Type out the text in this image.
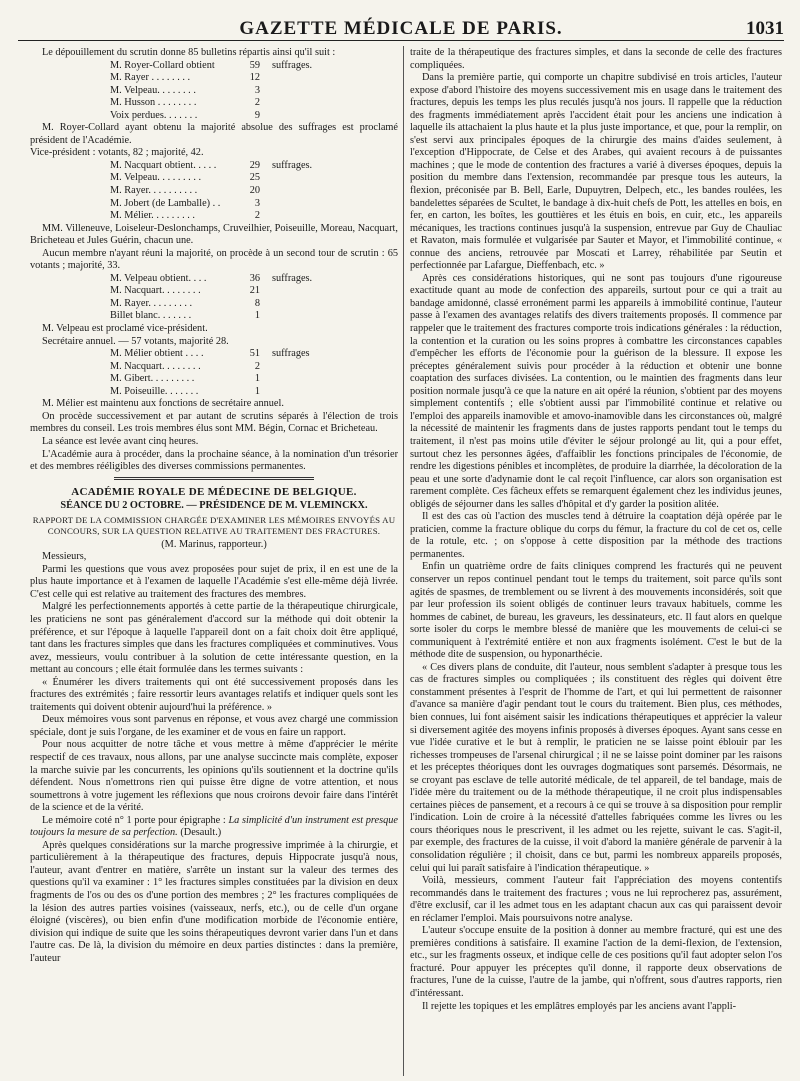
GAZETTE MÉDICALE DE PARIS.	1031

Le dépouillement du scrutin donne 85 bulletins répartis ainsi qu'il suit :

M. Royer-Collard obtient	59 suffrages.
M. Rayer . . . . . . . .	12
M. Velpeau. . . . . . . .	3
M. Husson . . . . . . . .	2
Voix perdues. . . . . . .	9

M. Royer-Collard ayant obtenu la majorité absolue des suffrages est proclamé président de l'Académie.

Vice-président : votants, 82 ; majorité, 42.

M. Nacquart obtient. . . . .	29 suffrages.
M. Velpeau. . . . . . . . .	25
M. Rayer. . . . . . . . . .	20
M. Jobert (de Lamballe) . .	3
M. Mélier. . . . . . . . .	2

MM. Villeneuve, Loiseleur-Deslonchamps, Cruveilhier, Poiseuille, Moreau, Nacquart, Bricheteau et Jules Guérin, chacun une.

Aucun membre n'ayant réuni la majorité, on procède à un second tour de scrutin : 65 votants ; majorité, 33.

M. Velpeau obtient. . . .	36 suffrages.
M. Nacquart. . . . . . . .	21
M. Rayer. . . . . . . . .	8
Billet blanc. . . . . . .	1

M. Velpeau est proclamé vice-président.

Secrétaire annuel. — 57 votants, majorité 28.

M. Mélier obtient . . . .	51 suffrages
M. Nacquart. . . . . . . .	2
M. Gibert. . . . . . . . .	1
M. Poiseuille. . . . . . .	1

M. Mélier est maintenu aux fonctions de secrétaire annuel.

On procède successivement et par autant de scrutins séparés à l'élection de trois membres du conseil. Les trois membres élus sont MM. Bégin, Cornac et Bricheteau.

La séance est levée avant cinq heures.

L'Académie aura à procéder, dans la prochaine séance, à la nomination d'un trésorier et des membres rééligibles des diverses commissions permanentes.

ACADÉMIE ROYALE DE MÉDECINE DE BELGIQUE.
SÉANCE DU 2 OCTOBRE. — PRÉSIDENCE DE M. VLEMINCKX.
RAPPORT DE LA COMMISSION CHARGÉE D'EXAMINER LES MÉMOIRES ENVOYÉS AU CONCOURS, SUR LA QUESTION RELATIVE AU TRAITEMENT DES FRACTURES.
(M. Marinus, rapporteur.)

Messieurs,

Parmi les questions que vous avez proposées pour sujet de prix, il en est une de la plus haute importance et à l'examen de laquelle l'Académie s'est elle-même déjà livrée. C'est celle qui est relative au traitement des fractures des membres.

Malgré les perfectionnements apportés à cette partie de la thérapeutique chirurgicale, les praticiens ne sont pas généralement d'accord sur la méthode qui doit obtenir la préférence, et sur l'époque à laquelle l'appareil dont on a fait choix doit être appliqué, tant dans les fractures simples que dans les fractures compliquées et comminutives. Vous avez, messieurs, voulu contribuer à la solution de cette intéressante question, en la mettant au concours ; elle était formulée dans les termes suivants :

« Énumérer les divers traitements qui ont été successivement proposés dans les fractures des extrémités ; faire ressortir leurs avantages relatifs et indiquer quels sont les traitements qui doivent obtenir aujourd'hui la préférence. »

Deux mémoires vous sont parvenus en réponse, et vous avez chargé une commission spéciale, dont je suis l'organe, de les examiner et de vous en faire un rapport.

Pour nous acquitter de notre tâche et vous mettre à même d'apprécier le mérite respectif de ces travaux, nous allons, par une analyse succincte mais complète, exposer la marche suivie par les concurrents, les opinions qu'ils soutiennent et la doctrine qu'ils défendent. Nous n'omettrons rien qui puisse être digne de votre attention, et nous soumettrons à votre jugement les réflexions que nous croirons devoir faire dans l'intérêt de la science et de la vérité.

Le mémoire coté n° 1 porte pour épigraphe : La simplicité d'un instrument est presque toujours la mesure de sa perfection. (Desault.)

Après quelques considérations sur la marche progressive imprimée à la chirurgie, et particulièrement à la thérapeutique des fractures, depuis Hippocrate jusqu'à nous, l'auteur, avant d'entrer en matière, s'arrête un instant sur la valeur des termes des questions qu'il va examiner : 1° les fractures simples constituées par la division en deux fragments de l'os ou des os d'une portion des membres ; 2° les fractures compliquées de la lésion des autres parties voisines (vaisseaux, nerfs, etc.), ou de celle d'un organe éloigné (viscères), ou bien enfin d'une modification morbide de l'économie entière, division qui indique de suite que les soins thérapeutiques devront varier dans l'un et dans l'autre cas. De là, la division du mémoire en deux parties distinctes : dans la première, l'auteur

traite de la thérapeutique des fractures simples, et dans la seconde de celle des fractures compliquées.

Dans la première partie, qui comporte un chapitre subdivisé en trois articles, l'auteur expose d'abord l'histoire des moyens successivement mis en usage dans le traitement des fractures, depuis les temps les plus reculés jusqu'à nos jours. Il rappelle que la réduction des fragments immédiatement après l'accident était pour les anciens une indication à laquelle ils attachaient la plus haute et la plus juste importance, et que, pour la remplir, on s'est servi aux principales époques de la chirurgie des mains d'aides seulement, à l'exception d'Hippocrate, de Celse et des Arabes, qui avaient recours à de puissantes machines ; que le mode de contention des fractures a varié à diverses époques, depuis la position du membre dans l'extension, recommandée par presque tous les auteurs, la flexion, préconisée par B. Bell, Earle, Dupuytren, Delpech, etc., les bandes roulées, les bandelettes séparées de Scultet, le bandage à dix-huit chefs de Pott, les attelles en bois, en fer, en carton, les boîtes, les gouttières et les étuis en bois, en cuir, etc., les appareils mécaniques, les tractions continues jusqu'à la suspension, entrevue par Guy de Chauliac et Ravaton, mais formulée et vulgarisée par Sauter et Mayor, et l'immobilité continue, « connue des anciens, retrouvée par Moscati et Larrey, réhabilitée par Seutin et perfectionnée par Lafargue, Dieffenbach, etc. »

Après ces considérations historiques, qui ne sont pas toujours d'une rigoureuse exactitude quant au mode de confection des appareils, surtout pour ce qui a trait au bandage amidonné, classé erronément parmi les appareils à immobilité continue, l'auteur passe à l'examen des avantages relatifs des divers traitements proposés. Il commence par rappeler que le traitement des fractures comporte trois indications générales : la réduction, la contention et la curation ou les soins propres à combattre les circonstances capables d'empêcher les efforts de l'économie pour la guérison de la blessure. Il expose les préceptes généralement suivis pour procéder à la réduction et obtenir une bonne coaptation des surfaces divisées. La contention, ou le maintien des fragments dans leur position normale jusqu'à ce que la nature en ait opéré la réunion, s'obtient par des moyens simplement contentifs ; elle s'obtient aussi par l'immobilité continue et relative ou l'emploi des appareils inamovible et amovo-inamovible dans les circonstances où, malgré la nécessité de maintenir les fragments dans de justes rapports pendant tout le temps du traitement, il n'est pas moins utile d'éviter le séjour prolongé au lit, qui a pour effet, surtout chez les personnes âgées, d'affaiblir les fonctions principales de l'économie, de rendre les digestions pénibles et incomplètes, de produire la diarrhée, la décoloration de la peau et une sorte d'adynamie dont le cal reçoit l'influence, car alors son organisation est rarement complète. Ces fâcheux effets se remarquent également chez les individus jeunes, obligés de séjourner dans les salles d'hôpital et d'y garder la position alitée.

Il est des cas où l'action des muscles tend à détruire la coaptation déjà opérée par le praticien, comme la fracture oblique du corps du fémur, la fracture du col de cet os, celle de la rotule, etc. ; on s'oppose à cette disposition par la méthode des tractions permanentes.

Enfin un quatrième ordre de faits cliniques comprend les fracturés qui ne peuvent conserver un repos continuel pendant tout le temps du traitement, soit parce qu'ils sont agités de spasmes, de tremblement ou se livrent à des mouvements inconsidérés, soit que par leur profession ils soient obligés de continuer leurs travaux habituels, comme les hommes de cabinet, de bureau, les graveurs, les dessinateurs, etc. Il faut alors en quelque sorte isoler du corps le membre blessé de manière que les mouvements de celui-ci se communiquent à l'extrémité entière et non aux fragments isolément. C'est le but de la méthode dite de suspension, ou hyponarthécie.

« Ces divers plans de conduite, dit l'auteur, nous semblent s'adapter à presque tous les cas de fractures simples ou compliquées ; ils constituent des règles qui doivent être constamment présentes à l'esprit de l'homme de l'art, et qui lui permettent de raisonner d'avance sa manière d'agir pendant tout le cours du traitement. Bien plus, ces méthodes, bien connues, lui font aisément saisir les indications thérapeutiques et apprécier la valeur si diversement agitée des moyens infinis proposés à diverses époques. Ayant sans cesse en vue l'idée curative et le but à remplir, le praticien ne se laisse point éblouir par les richesses trompeuses de l'arsenal chirurgical ; il ne se laisse point dominer par les raisons et les préceptes théoriques dont les ouvrages dogmatiques sont parsemés. Désormais, ne se croyant pas esclave de telle autorité médicale, de tel appareil, de tel bandage, mais de l'idée mère du traitement ou de la méthode thérapeutique, il ne croit plus indispensables certaines pièces de pansement, et a recours à ce qui se trouve à sa disposition pour remplir l'indication. Loin de croire à la nécessité d'attelles fabriquées comme les livres ou les cours théoriques nous le prescrivent, il les admet ou les rejette, suivant le cas. S'agit-il, par exemple, des fractures de la cuisse, il voit d'abord la manière générale de parvenir à la consolidation régulière ; il choisit, dans ce but, parmi les nombreux appareils proposés, celui qui lui paraît satisfaire à l'indication thérapeutique. »

Voilà, messieurs, comment l'auteur fait l'appréciation des moyens contentifs recommandés dans le traitement des fractures ; vous ne lui reprocherez pas, assurément, d'être exclusif, car il les admet tous en les adaptant chacun aux cas qui paraissent devoir en réclamer l'emploi. Mais poursuivons notre analyse.

L'auteur s'occupe ensuite de la position à donner au membre fracturé, qui est une des premières conditions à satisfaire. Il examine l'action de la demi-flexion, de l'extension, etc., sur les fragments osseux, et indique celle de ces positions qu'il faut adopter selon l'os fracturé. Pour appuyer les préceptes qu'il donne, il rapporte deux observations de fractures, l'une de la cuisse, l'autre de la jambe, qui n'offrent, sous d'autres rapports, rien d'intéressant.

Il rejette les topiques et les emplâtres employés par les anciens avant l'appli-
